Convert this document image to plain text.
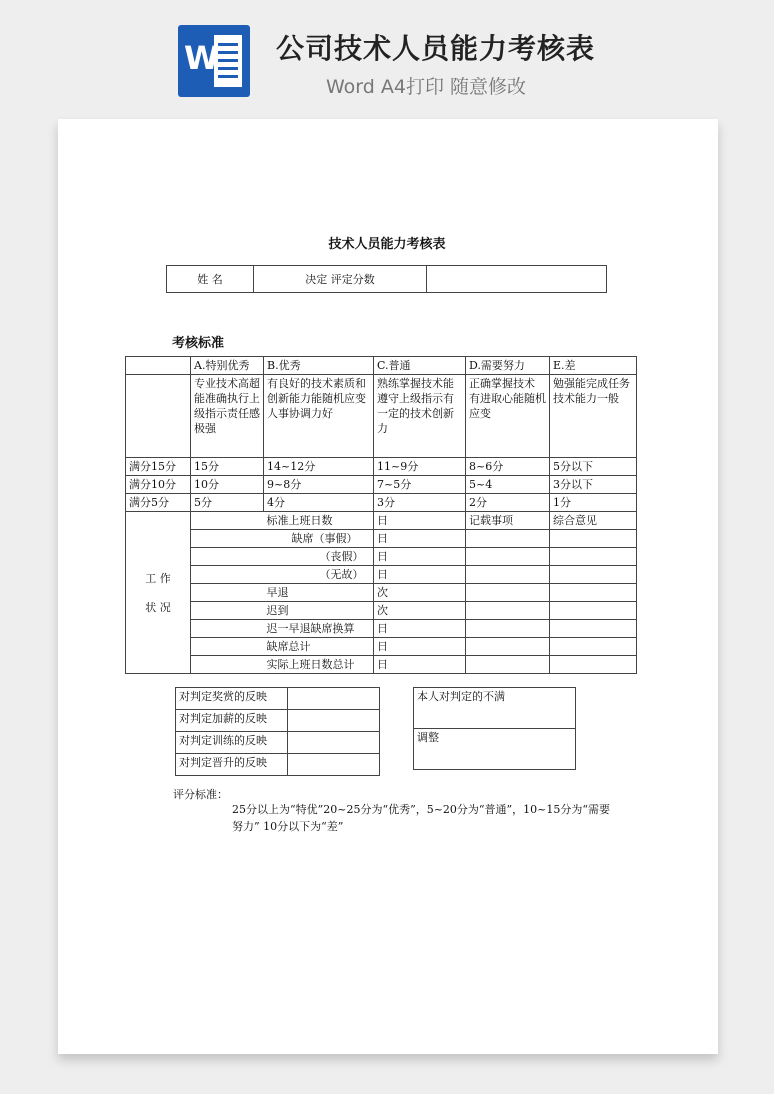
W 公司技术人员能力考核表
Word A4打印 随意修改
技术人员能力考核表
姓 名	决定 评定分数	
考核标准
	A.特别优秀	B.优秀	C.普通	D.需要努力	E.差
	专业技术高超 能准确执行上级指示责任感极强	有良好的技术素质和创新能力能随机应变人事协调力好	熟练掌握技术能遵守上级指示有一定的技术创新力	正确掌握技术 有进取心能随机应变	勉强能完成任务 技术能力一般
满分15分	15分	14~12分	11~9分	8~6分	5分以下
满分10分	10分	9~8分	7~5分	5~4	3分以下
满分5分	5分	4分	3分	2分	1分

工 作
状 况		标准上班日数	日	记载事项	综合意见
		缺席（事假）	日		
		（丧假）	日		
		（无故）	日		
		早退	次		
		迟到	次		
		迟一早退缺席换算	日		
		缺席总计	日		
		实际上班日数总计	日		
对判定奖赏的反映	
对判定加薪的反映	
对判定训练的反映	
对判定晋升的反映	
本人对判定的不满
调整
评分标准：
25分以上为“特优”20~25分为“优秀”，5~20分为“普通”，10~15分为“需要努力” 10分以下为“差”
